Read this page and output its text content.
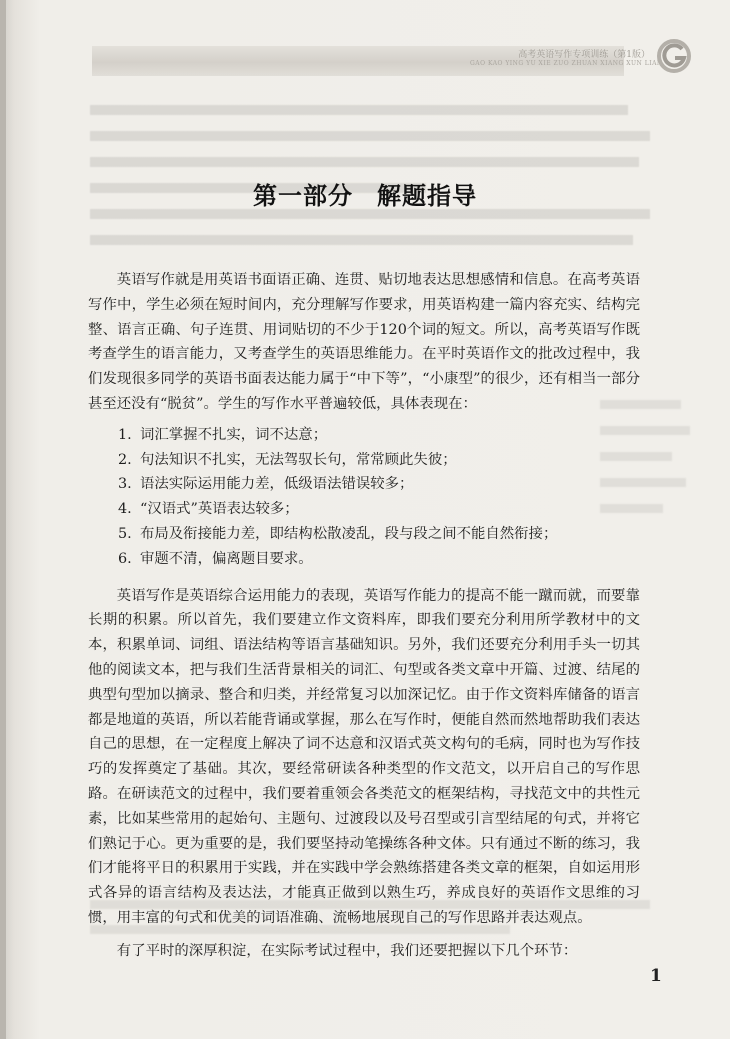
高考英语写作专项训练（第1版）
GAO KAO YING YU XIE ZUO ZHUAN XIANG XUN LIAN
第一部分 解题指导

英语写作就是用英语书面语正确、连贯、贴切地表达思想感情和信息。在高考英语写作中，学生必须在短时间内，充分理解写作要求，用英语构建一篇内容充实、结构完整、语言正确、句子连贯、用词贴切的不少于120个词的短文。所以，高考英语写作既考查学生的语言能力，又考查学生的英语思维能力。在平时英语作文的批改过程中，我们发现很多同学的英语书面表达能力属于“中下等”，“小康型”的很少，还有相当一部分甚至还没有“脱贫”。学生的写作水平普遍较低，具体表现在：

1. 词汇掌握不扎实，词不达意；
2. 句法知识不扎实，无法驾驭长句，常常顾此失彼；
3. 语法实际运用能力差，低级语法错误较多；
4. “汉语式”英语表达较多；
5. 布局及衔接能力差，即结构松散凌乱，段与段之间不能自然衔接；
6. 审题不清，偏离题目要求。

英语写作是英语综合运用能力的表现，英语写作能力的提高不能一蹴而就，而要靠长期的积累。所以首先，我们要建立作文资料库，即我们要充分利用所学教材中的文本，积累单词、词组、语法结构等语言基础知识。另外，我们还要充分利用手头一切其他的阅读文本，把与我们生活背景相关的词汇、句型或各类文章中开篇、过渡、结尾的典型句型加以摘录、整合和归类，并经常复习以加深记忆。由于作文资料库储备的语言都是地道的英语，所以若能背诵或掌握，那么在写作时，便能自然而然地帮助我们表达自己的思想，在一定程度上解决了词不达意和汉语式英文构句的毛病，同时也为写作技巧的发挥奠定了基础。其次，要经常研读各种类型的作文范文，以开启自己的写作思路。在研读范文的过程中，我们要着重领会各类范文的框架结构，寻找范文中的共性元素，比如某些常用的起始句、主题句、过渡段以及号召型或引言型结尾的句式，并将它们熟记于心。更为重要的是，我们要坚持动笔操练各种文体。只有通过不断的练习，我们才能将平日的积累用于实践，并在实践中学会熟练搭建各类文章的框架，自如运用形式各异的语言结构及表达法，才能真正做到以熟生巧，养成良好的英语作文思维的习惯，用丰富的句式和优美的词语准确、流畅地展现自己的写作思路并表达观点。

有了平时的深厚积淀，在实际考试过程中，我们还要把握以下几个环节：

1
